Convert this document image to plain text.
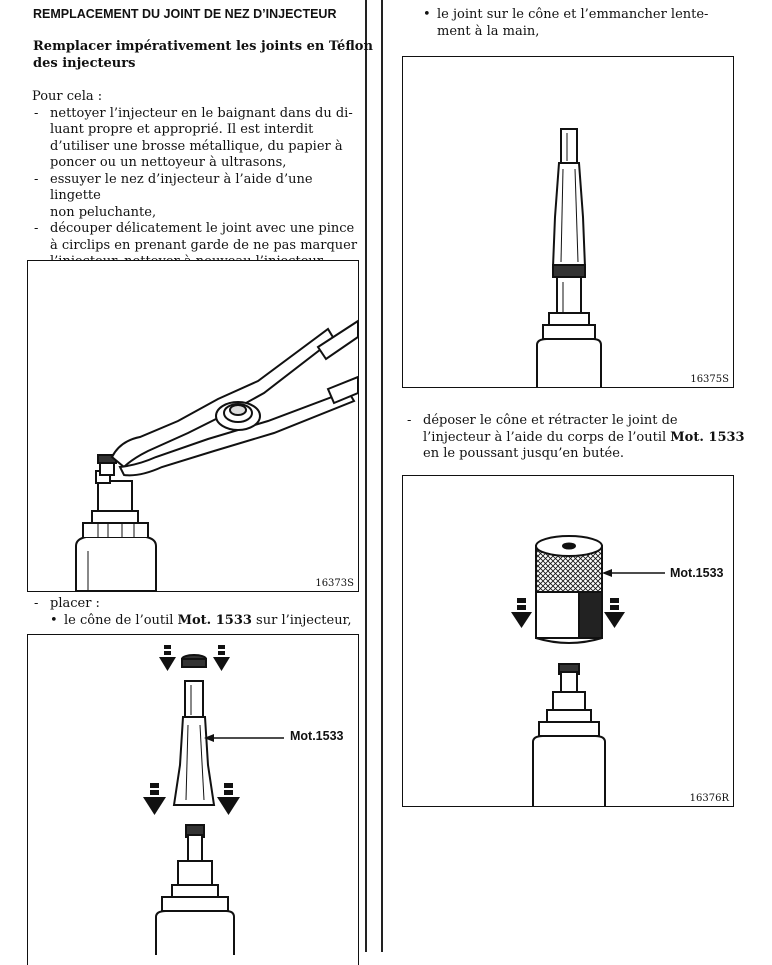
REMPLACEMENT DU JOINT DE NEZ D’INJECTEUR
Remplacer impérativement les joints en Téflon
des injecteurs
Pour cela :
- nettoyer l’injecteur en le baignant dans du di-
luant propre et approprié. Il est interdit
d’utiliser une brosse métallique, du papier à
poncer ou un nettoyeur à ultrasons,
- essuyer le nez d’injecteur à l’aide d’une lingette
non peluchante,
- découper délicatement le joint avec une pince
à circlips en prenant garde de ne pas marquer
16373S
- placer :
• le cône de l’outil Mot. 1533 sur l’injecteur,
Mot.1533
• le joint sur le cône et l’emmancher lente-
ment à la main,
16375S
- déposer le cône et rétracter le joint de
l’injecteur à l’aide du corps de l’outil Mot. 1533
en le poussant jusqu’en butée.
Mot.1533
16376R
